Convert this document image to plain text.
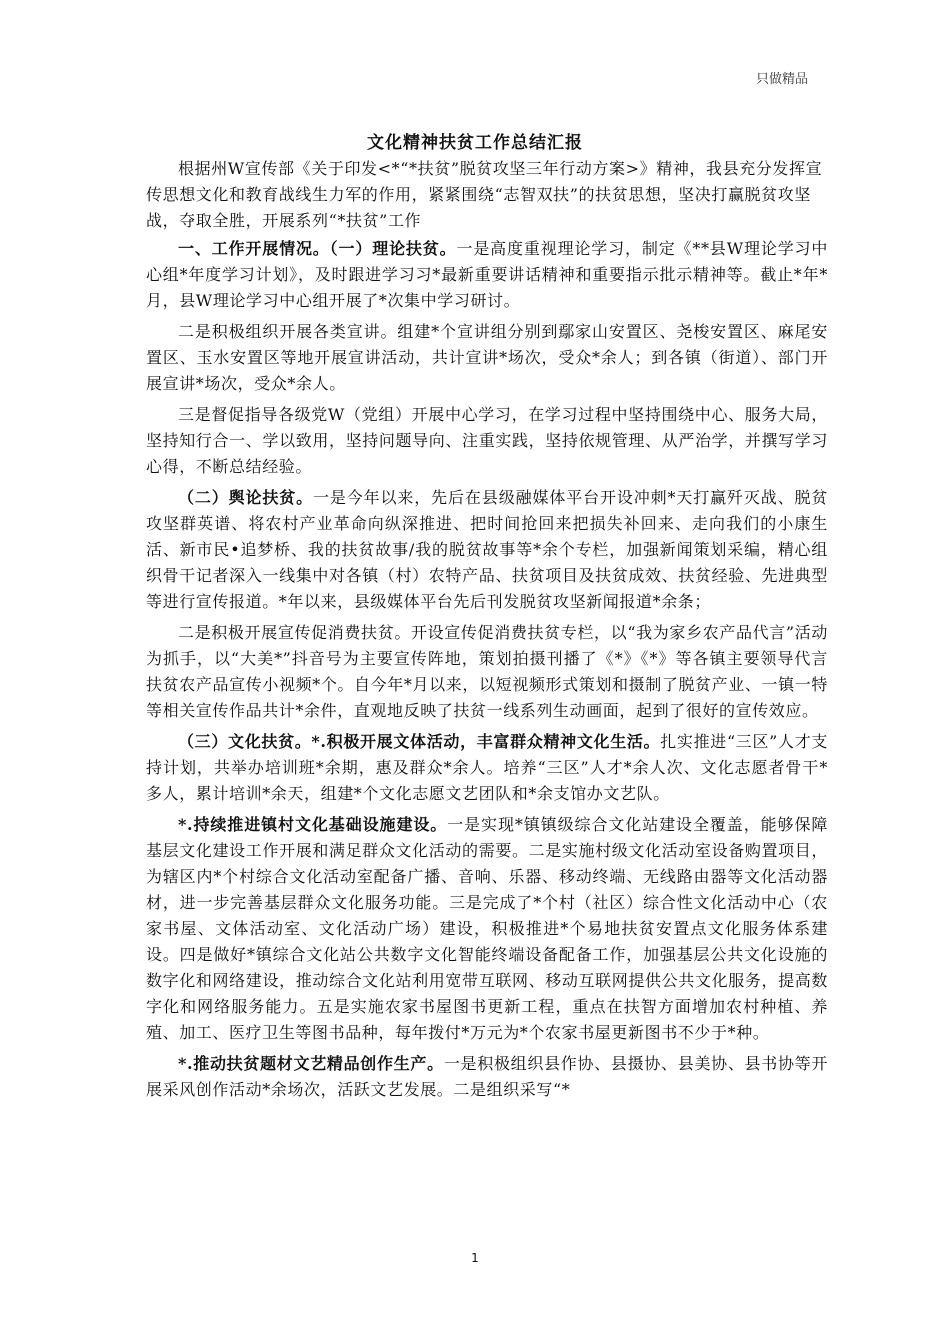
只做精品
文化精神扶贫工作总结汇报

根据州W宣传部《关于印发<*“*扶贫”脱贫攻坚三年行动方案>》精神，我县充分发挥宣传思想文化和教育战线生力军的作用，紧紧围绕“志智双扶”的扶贫思想，坚决打赢脱贫攻坚战，夺取全胜，开展系列“*扶贫”工作

一、工作开展情况。（一）理论扶贫。一是高度重视理论学习，制定《**县W理论学习中心组*年度学习计划》，及时跟进学习习*最新重要讲话精神和重要指示批示精神等。截止*年*月，县W理论学习中心组开展了*次集中学习研讨。

二是积极组织开展各类宣讲。组建*个宣讲组分别到鄢家山安置区、尧梭安置区、麻尾安置区、玉水安置区等地开展宣讲活动，共计宣讲*场次，受众*余人；到各镇（街道）、部门开展宣讲*场次，受众*余人。

三是督促指导各级党W（党组）开展中心学习，在学习过程中坚持围绕中心、服务大局，坚持知行合一、学以致用，坚持问题导向、注重实践，坚持依规管理、从严治学，并撰写学习心得，不断总结经验。

（二）舆论扶贫。一是今年以来，先后在县级融媒体平台开设冲刺*天打赢歼灭战、脱贫攻坚群英谱、将农村产业革命向纵深推进、把时间抢回来把损失补回来、走向我们的小康生活、新市民•追梦桥、我的扶贫故事/我的脱贫故事等*余个专栏，加强新闻策划采编，精心组织骨干记者深入一线集中对各镇（村）农特产品、扶贫项目及扶贫成效、扶贫经验、先进典型等进行宣传报道。*年以来，县级媒体平台先后刊发脱贫攻坚新闻报道*余条；

二是积极开展宣传促消费扶贫。开设宣传促消费扶贫专栏，以“我为家乡农产品代言”活动为抓手，以“大美*”抖音号为主要宣传阵地，策划拍摄刊播了《*》《*》等各镇主要领导代言扶贫农产品宣传小视频*个。自今年*月以来，以短视频形式策划和摄制了脱贫产业、一镇一特等相关宣传作品共计*余件，直观地反映了扶贫一线系列生动画面，起到了很好的宣传效应。

（三）文化扶贫。*.积极开展文体活动，丰富群众精神文化生活。扎实推进“三区”人才支持计划，共举办培训班*余期，惠及群众*余人。培养“三区”人才*余人次、文化志愿者骨干*多人，累计培训*余天，组建*个文化志愿文艺团队和*余支馆办文艺队。

*.持续推进镇村文化基础设施建设。一是实现*镇镇级综合文化站建设全覆盖，能够保障基层文化建设工作开展和满足群众文化活动的需要。二是实施村级文化活动室设备购置项目，为辖区内*个村综合文化活动室配备广播、音响、乐器、移动终端、无线路由器等文化活动器材，进一步完善基层群众文化服务功能。三是完成了*个村（社区）综合性文化活动中心（农家书屋、文体活动室、文化活动广场）建设，积极推进*个易地扶贫安置点文化服务体系建设。四是做好*镇综合文化站公共数字文化智能终端设备配备工作，加强基层公共文化设施的数字化和网络建设，推动综合文化站利用宽带互联网、移动互联网提供公共文化服务，提高数字化和网络服务能力。五是实施农家书屋图书更新工程，重点在扶智方面增加农村种植、养殖、加工、医疗卫生等图书品种，每年拨付*万元为*个农家书屋更新图书不少于*种。

*.推动扶贫题材文艺精品创作生产。一是积极组织县作协、县摄协、县美协、县书协等开展采风创作活动*余场次，活跃文艺发展。二是组织采写“*

1
